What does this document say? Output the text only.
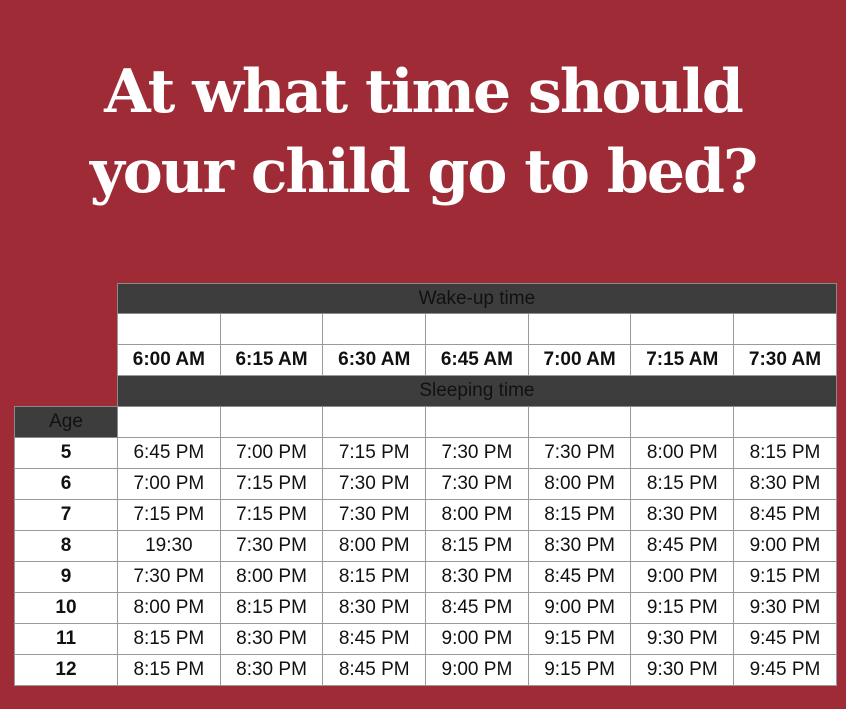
At what time should
your child go to bed?
	Wake-up time						

	6:00 AM	6:15 AM	6:30 AM	6:45 AM	7:00 AM	7:15 AM	7:30 AM
	Sleeping time						
Age							
5	6:45 PM	7:00 PM	7:15 PM	7:30 PM	7:30 PM	8:00 PM	8:15 PM
6	7:00 PM	7:15 PM	7:30 PM	7:30 PM	8:00 PM	8:15 PM	8:30 PM
7	7:15 PM	7:15 PM	7:30 PM	8:00 PM	8:15 PM	8:30 PM	8:45 PM
8	19:30	7:30 PM	8:00 PM	8:15 PM	8:30 PM	8:45 PM	9:00 PM
9	7:30 PM	8:00 PM	8:15 PM	8:30 PM	8:45 PM	9:00 PM	9:15 PM
10	8:00 PM	8:15 PM	8:30 PM	8:45 PM	9:00 PM	9:15 PM	9:30 PM
11	8:15 PM	8:30 PM	8:45 PM	9:00 PM	9:15 PM	9:30 PM	9:45 PM
12	8:15 PM	8:30 PM	8:45 PM	9:00 PM	9:15 PM	9:30 PM	9:45 PM
